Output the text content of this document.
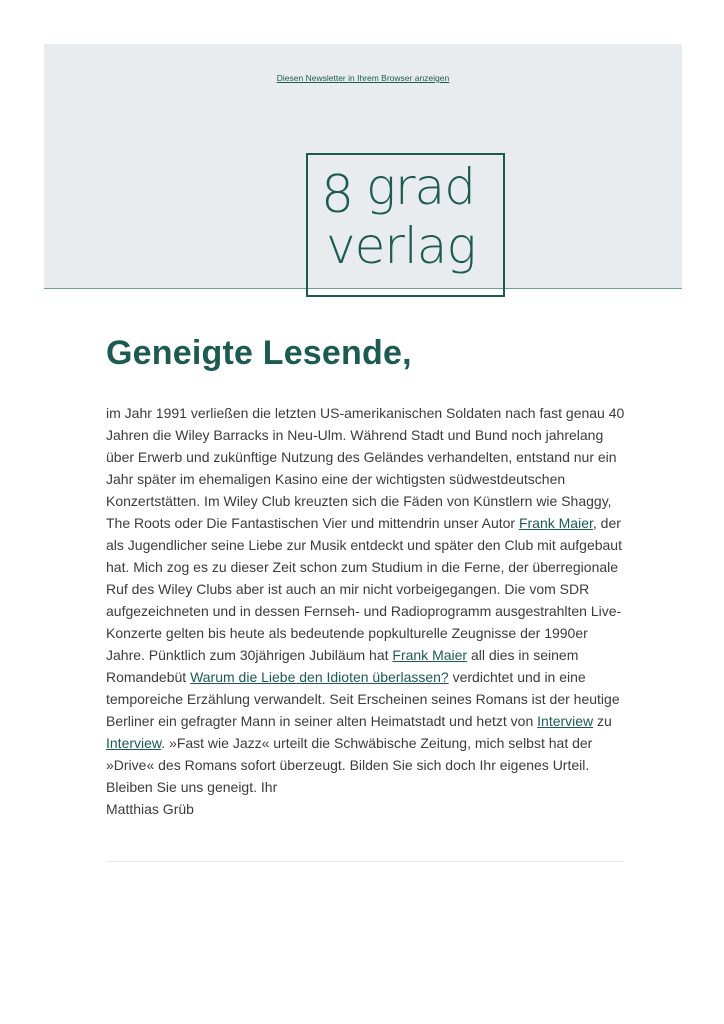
Diesen Newsletter in Ihrem Browser anzeigen
8 grad
verlag
Geneigte Lesende,
im Jahr 1991 verließen die letzten US-amerikanischen Soldaten nach fast genau 40 Jahren die Wiley Barracks in Neu-Ulm. Während Stadt und Bund noch jahrelang über Erwerb und zukünftige Nutzung des Geländes verhandelten, entstand nur ein Jahr später im ehemaligen Kasino eine der wichtigsten südwestdeutschen Konzertstätten. Im Wiley Club kreuzten sich die Fäden von Künstlern wie Shaggy, The Roots oder Die Fantastischen Vier und mittendrin unser Autor Frank Maier, der als Jugendlicher seine Liebe zur Musik entdeckt und später den Club mit aufgebaut hat. Mich zog es zu dieser Zeit schon zum Studium in die Ferne, der überregionale Ruf des Wiley Clubs aber ist auch an mir nicht vorbeigegangen. Die vom SDR aufgezeichneten und in dessen Fernseh- und Radioprogramm ausgestrahlten Live-Konzerte gelten bis heute als bedeutende popkulturelle Zeugnisse der 1990er Jahre. Pünktlich zum 30jährigen Jubiläum hat Frank Maier all dies in seinem Romandebüt Warum die Liebe den Idioten überlassen? verdichtet und in eine temporeiche Erzählung verwandelt. Seit Erscheinen seines Romans ist der heutige Berliner ein gefragter Mann in seiner alten Heimatstadt und hetzt von Interview zu Interview. »Fast wie Jazz« urteilt die Schwäbische Zeitung, mich selbst hat der »Drive« des Romans sofort überzeugt. Bilden Sie sich doch Ihr eigenes Urteil.
Bleiben Sie uns geneigt. Ihr
Matthias Grüb
